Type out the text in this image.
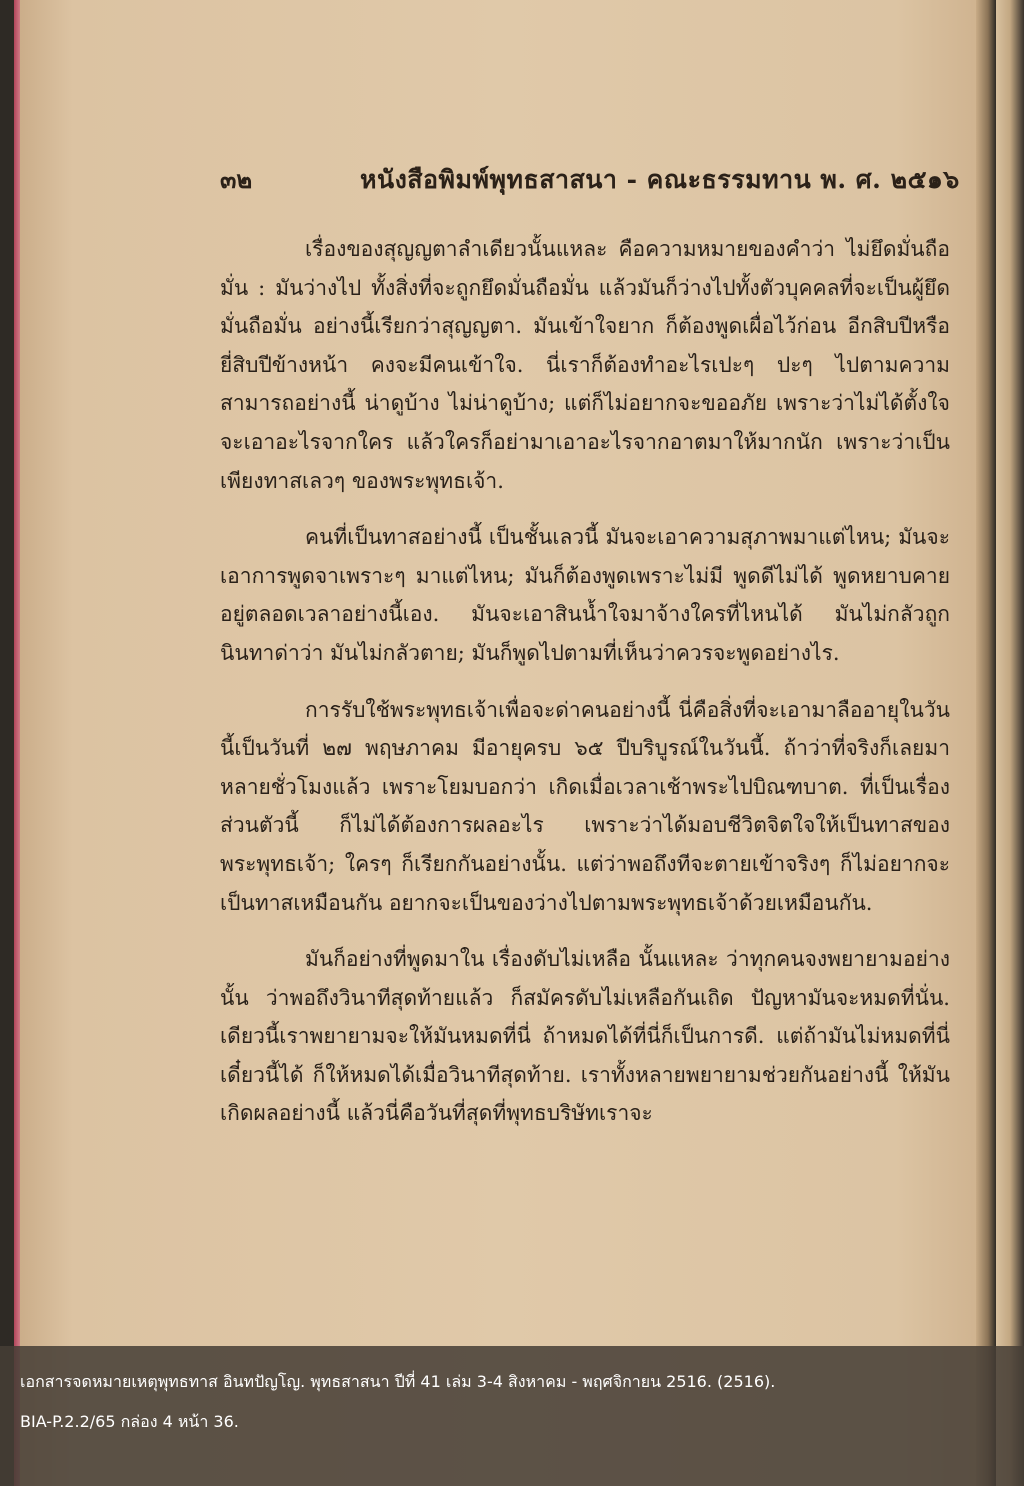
๓๒	หนังสือพิมพ์พุทธสาสนา - คณะธรรมทาน พ. ศ. ๒๕๑๖

เรื่องของสุญญตาลำเดียวนั้นแหละ คือความหมายของคำว่า ไม่ยึดมั่นถือมั่น : มันว่างไป ทั้งสิ่งที่จะถูกยึดมั่นถือมั่น แล้วมันก็ว่างไปทั้งตัวบุคคลที่จะเป็นผู้ยึดมั่นถือมั่น อย่างนี้เรียกว่าสุญญตา. มันเข้าใจยาก ก็ต้องพูดเผื่อไว้ก่อน อีกสิบปีหรือยี่สิบปีข้างหน้า คงจะมีคนเข้าใจ. นี่เราก็ต้องทำอะไรเปะๆ ปะๆ ไปตามความสามารถอย่างนี้ น่าดูบ้าง ไม่น่าดูบ้าง; แต่ก็ไม่อยากจะขออภัย เพราะว่าไม่ได้ตั้งใจจะเอาอะไรจากใคร แล้วใครก็อย่ามาเอาอะไรจากอาตมาให้มากนัก เพราะว่าเป็นเพียงทาสเลวๆ ของพระพุทธเจ้า.

คนที่เป็นทาสอย่างนี้ เป็นชั้นเลวนี้ มันจะเอาความสุภาพมาแต่ไหน; มันจะเอาการพูดจาเพราะๆ มาแต่ไหน; มันก็ต้องพูดเพราะไม่มี พูดดีไม่ได้ พูดหยาบคายอยู่ตลอดเวลาอย่างนี้เอง. มันจะเอาสินน้ำใจมาจ้างใครที่ไหนได้ มันไม่กลัวถูกนินทาด่าว่า มันไม่กลัวตาย; มันก็พูดไปตามที่เห็นว่าควรจะพูดอย่างไร.

การรับใช้พระพุทธเจ้าเพื่อจะด่าคนอย่างนี้ นี่คือสิ่งที่จะเอามาลืออายุในวันนี้เป็นวันที่ ๒๗ พฤษภาคม มีอายุครบ ๖๕ ปีบริบูรณ์ในวันนี้. ถ้าว่าที่จริงก็เลยมาหลายชั่วโมงแล้ว เพราะโยมบอกว่า เกิดเมื่อเวลาเช้าพระไปบิณฑบาต. ที่เป็นเรื่องส่วนตัวนี้ ก็ไม่ได้ต้องการผลอะไร เพราะว่าได้มอบชีวิตจิตใจให้เป็นทาสของพระพุทธเจ้า; ใครๆ ก็เรียกกันอย่างนั้น. แต่ว่าพอถึงทีจะตายเข้าจริงๆ ก็ไม่อยากจะเป็นทาสเหมือนกัน อยากจะเป็นของว่างไปตามพระพุทธเจ้าด้วยเหมือนกัน.

มันก็อย่างที่พูดมาใน เรื่องดับไม่เหลือ นั้นแหละ ว่าทุกคนจงพยายามอย่างนั้น ว่าพอถึงวินาทีสุดท้ายแล้ว ก็สมัครดับไม่เหลือกันเถิด ปัญหามันจะหมดที่นั่น. เดียวนี้เราพยายามจะให้มันหมดที่นี่ ถ้าหมดได้ที่นี่ก็เป็นการดี. แต่ถ้ามันไม่หมดที่นี่เดี๋ยวนี้ได้ ก็ให้หมดได้เมื่อวินาทีสุดท้าย. เราทั้งหลายพยายามช่วยกันอย่างนี้ ให้มันเกิดผลอย่างนี้ แล้วนี่คือวันที่สุดที่พุทธบริษัทเราจะ

เอกสารจดหมายเหตุพุทธทาส อินทปัญโญ. พุทธสาสนา ปีที่ 41 เล่ม 3-4 สิงหาคม - พฤศจิกายน 2516. (2516).
BIA-P.2.2/65 กล่อง 4 หน้า 36.
